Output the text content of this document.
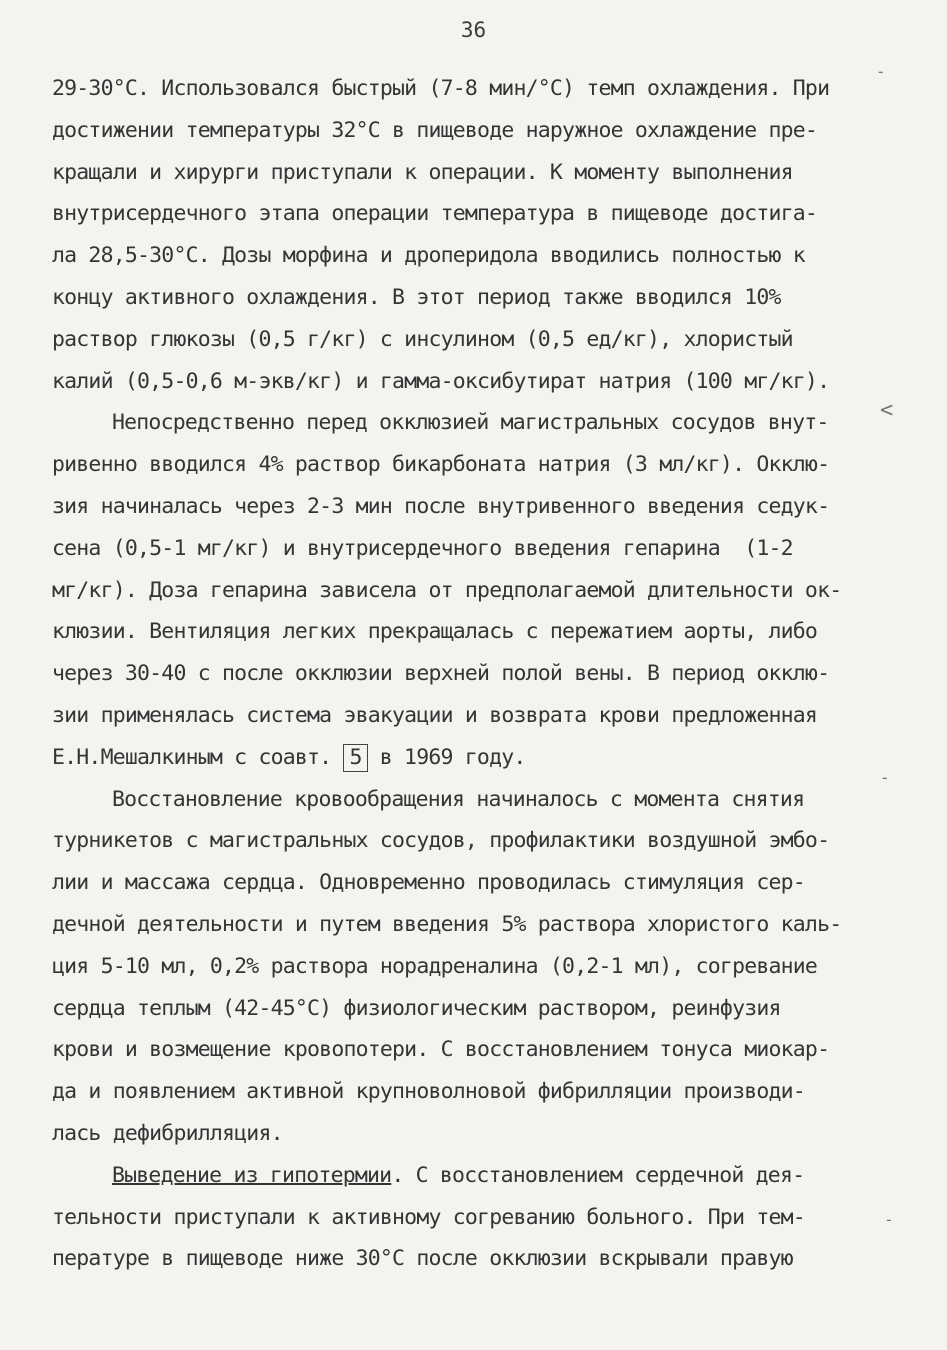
36
-
<
-
-
29-30°C. Использовался быстрый (7-8 мин/°C) темп охлаждения. При
достижении температуры 32°C в пищеводе наружное охлаждение пре-
кращали и хирурги приступали к операции. К моменту выполнения
внутрисердечного этапа операции температура в пищеводе достига-
ла 28,5-30°C. Дозы морфина и дроперидола вводились полностью к
концу активного охлаждения. В этот период также вводился 10%
раствор глюкозы (0,5 г/кг) с инсулином (0,5 ед/кг), хлористый
калий (0,5-0,6 м-экв/кг) и гамма-оксибутират натрия (100 мг/кг).
Непосредственно перед окклюзией магистральных сосудов внут-
ривенно вводился 4% раствор бикарбоната натрия (3 мл/кг). Окклю-
зия начиналась через 2-3 мин после внутривенного введения седук-
сена (0,5-1 мг/кг) и внутрисердечного введения гепарина  (1-2
мг/кг). Доза гепарина зависела от предполагаемой длительности ок-
клюзии. Вентиляция легких прекращалась с пережатием аорты, либо
через 30-40 с после окклюзии верхней полой вены. В период окклю-
зии применялась система эвакуации и возврата крови предложенная
Е.Н.Мешалкиным с соавт. 5 в 1969 году.
Восстановление кровообращения начиналось с момента снятия
турникетов с магистральных сосудов, профилактики воздушной эмбо-
лии и массажа сердца. Одновременно проводилась стимуляция сер-
дечной деятельности и путем введения 5% раствора хлористого каль-
ция 5-10 мл, 0,2% раствора норадреналина (0,2-1 мл), согревание
сердца теплым (42-45°C) физиологическим раствором, реинфузия
крови и возмещение кровопотери. С восстановлением тонуса миокар-
да и появлением активной крупноволновой фибрилляции производи-
лась дефибрилляция.
Выведение из гипотермии. С восстановлением сердечной дея-
тельности приступали к активному согреванию больного. При тем-
пературе в пищеводе ниже 30°C после окклюзии вскрывали правую
